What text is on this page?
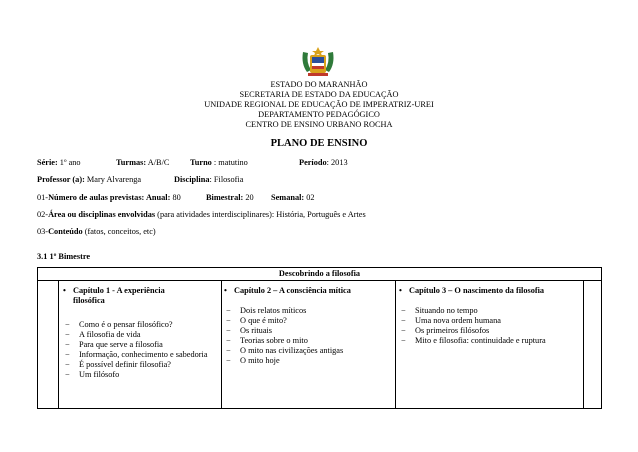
ESTADO DO MARANHÃO
SECRETARIA DE ESTADO DA EDUCAÇÃO
UNIDADE REGIONAL DE EDUCAÇÃO DE IMPERATRIZ-UREI
DEPARTAMENTO PEDAGÓGICO
CENTRO DE ENSINO URBANO ROCHA
PLANO DE ENSINO
Série: 1º ano	Turmas: A/B/C Turno : matutino	Período: 2013
Professor (a): Mary Alvarenga	Disciplina: Filosofia
01-Número de aulas previstas: Anual: 80	Bimestral: 20 Semanal: 02
02-Área ou disciplinas envolvidas (para atividades interdisciplinares): História, Português e Artes
03-Conteúdo (fatos, conceitos, etc)
3.1 1º Bimestre
Descobrindo a filosofia
• Capítulo 1 - A experiência
filosófica
− Como é o pensar filosófico?
− A filosofia de vida
− Para que serve a filosofia
− Informação, conhecimento e sabedoria
− É possível definir filosofia?
− Um filósofo
• Capítulo 2 – A consciência mítica
− Dois relatos míticos
− O que é mito?
− Os rituais
− Teorias sobre o mito
− O mito nas civilizações antigas
− O mito hoje
• Capítulo 3 – O nascimento da filosofia
− Situando no tempo
− Uma nova ordem humana
− Os primeiros filósofos
− Mito e filosofia: continuidade e ruptura
